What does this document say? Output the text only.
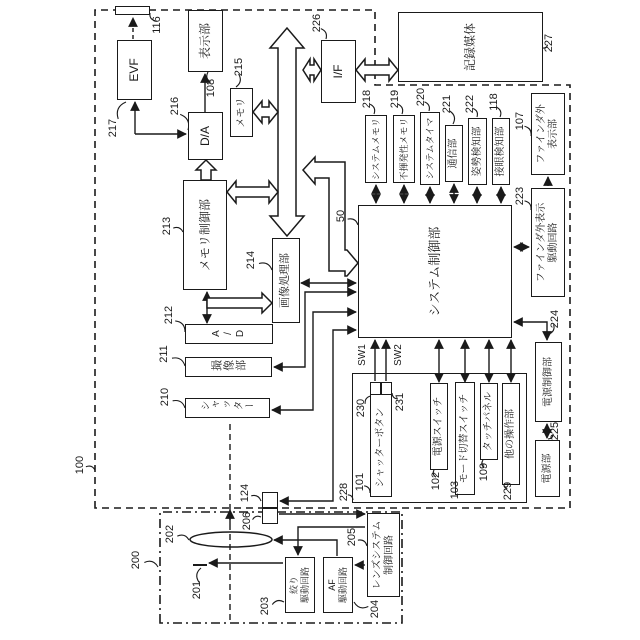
EVF
表示部
メモリ
D/A
メモリ制御部
画像処理部
A/D
撮像部
シャッター
システム制御部
システムメモリ	不揮発性メモリ	システムタイマ	通信部	姿勢検知部	接眼検知部	ファインダ外
表示部
ファインダ外表示
駆動回路
電源制御部
電源部
シャッターボタン	電源スイッチ	モード切替スイッチ	タッチパネル	他の操作部
絞り
駆動回路	AF
駆動回路	レンズシステム
制御回路
記録媒体
I/F
100
116
217
108
215
216
226
227
213
214
212
211
210
50
218 219 220 221 222 118
107
223
224
225
228
101
230 231
102 103
109
229
200
201
202
203	204
205
206
124
SW1	SW2
